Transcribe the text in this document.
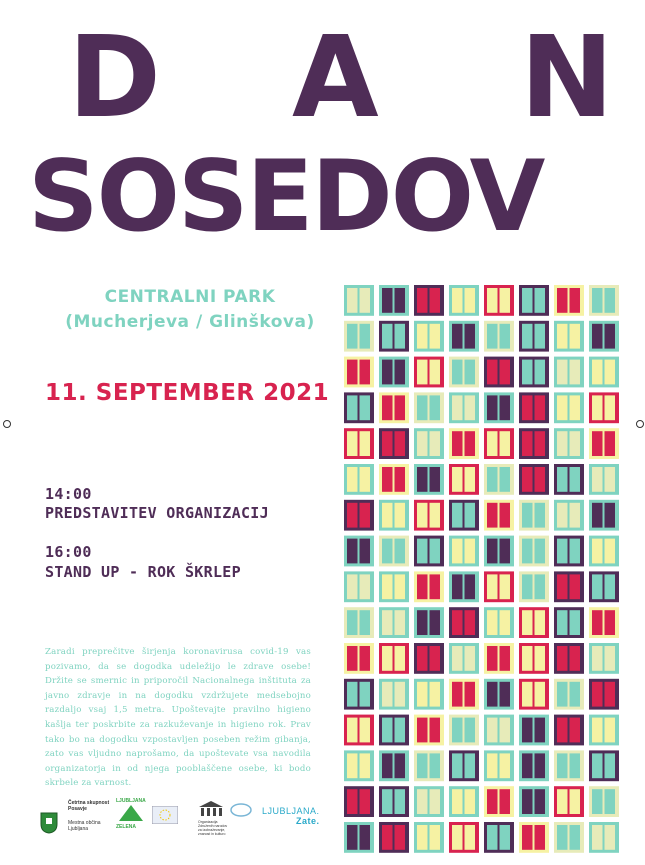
D A N
SOSEDOV
CENTRALNI PARK
(Mucherjeva / Glinškova)
11. SEPTEMBER 2021
14:00
PREDSTAVITEV ORGANIZACIJ
16:00
STAND UP - ROK ŠKRLEP
Zaradi preprečitve širjenja koronavirusa covid-19 vas pozivamo, da se dogodka udeležijo le zdrave osebe! Držite se smernic in priporočil Nacionalnega inštituta za javno zdravje in na dogodku vzdržujete medsebojno razdaljo vsaj 1,5 metra. Upoštevajte pravilno higieno kašlja ter poskrbite za razkuževanje in higieno rok. Prav tako bo na dogodku vzpostavljen poseben režim gibanja, zato vas vljudno naprošamo, da upoštevate vsa navodila organizatorja in od njega pooblaščene osebe, ki bodo skrbele za varnost.
Četrtna skupnost
Posavje
Mestna občina
Ljubljana
LJUBLJANA
ZELENA
Organizacija Združenih narodov za izobraževanje, znanost in kulturo
LJUBLJANA.
Zate.
